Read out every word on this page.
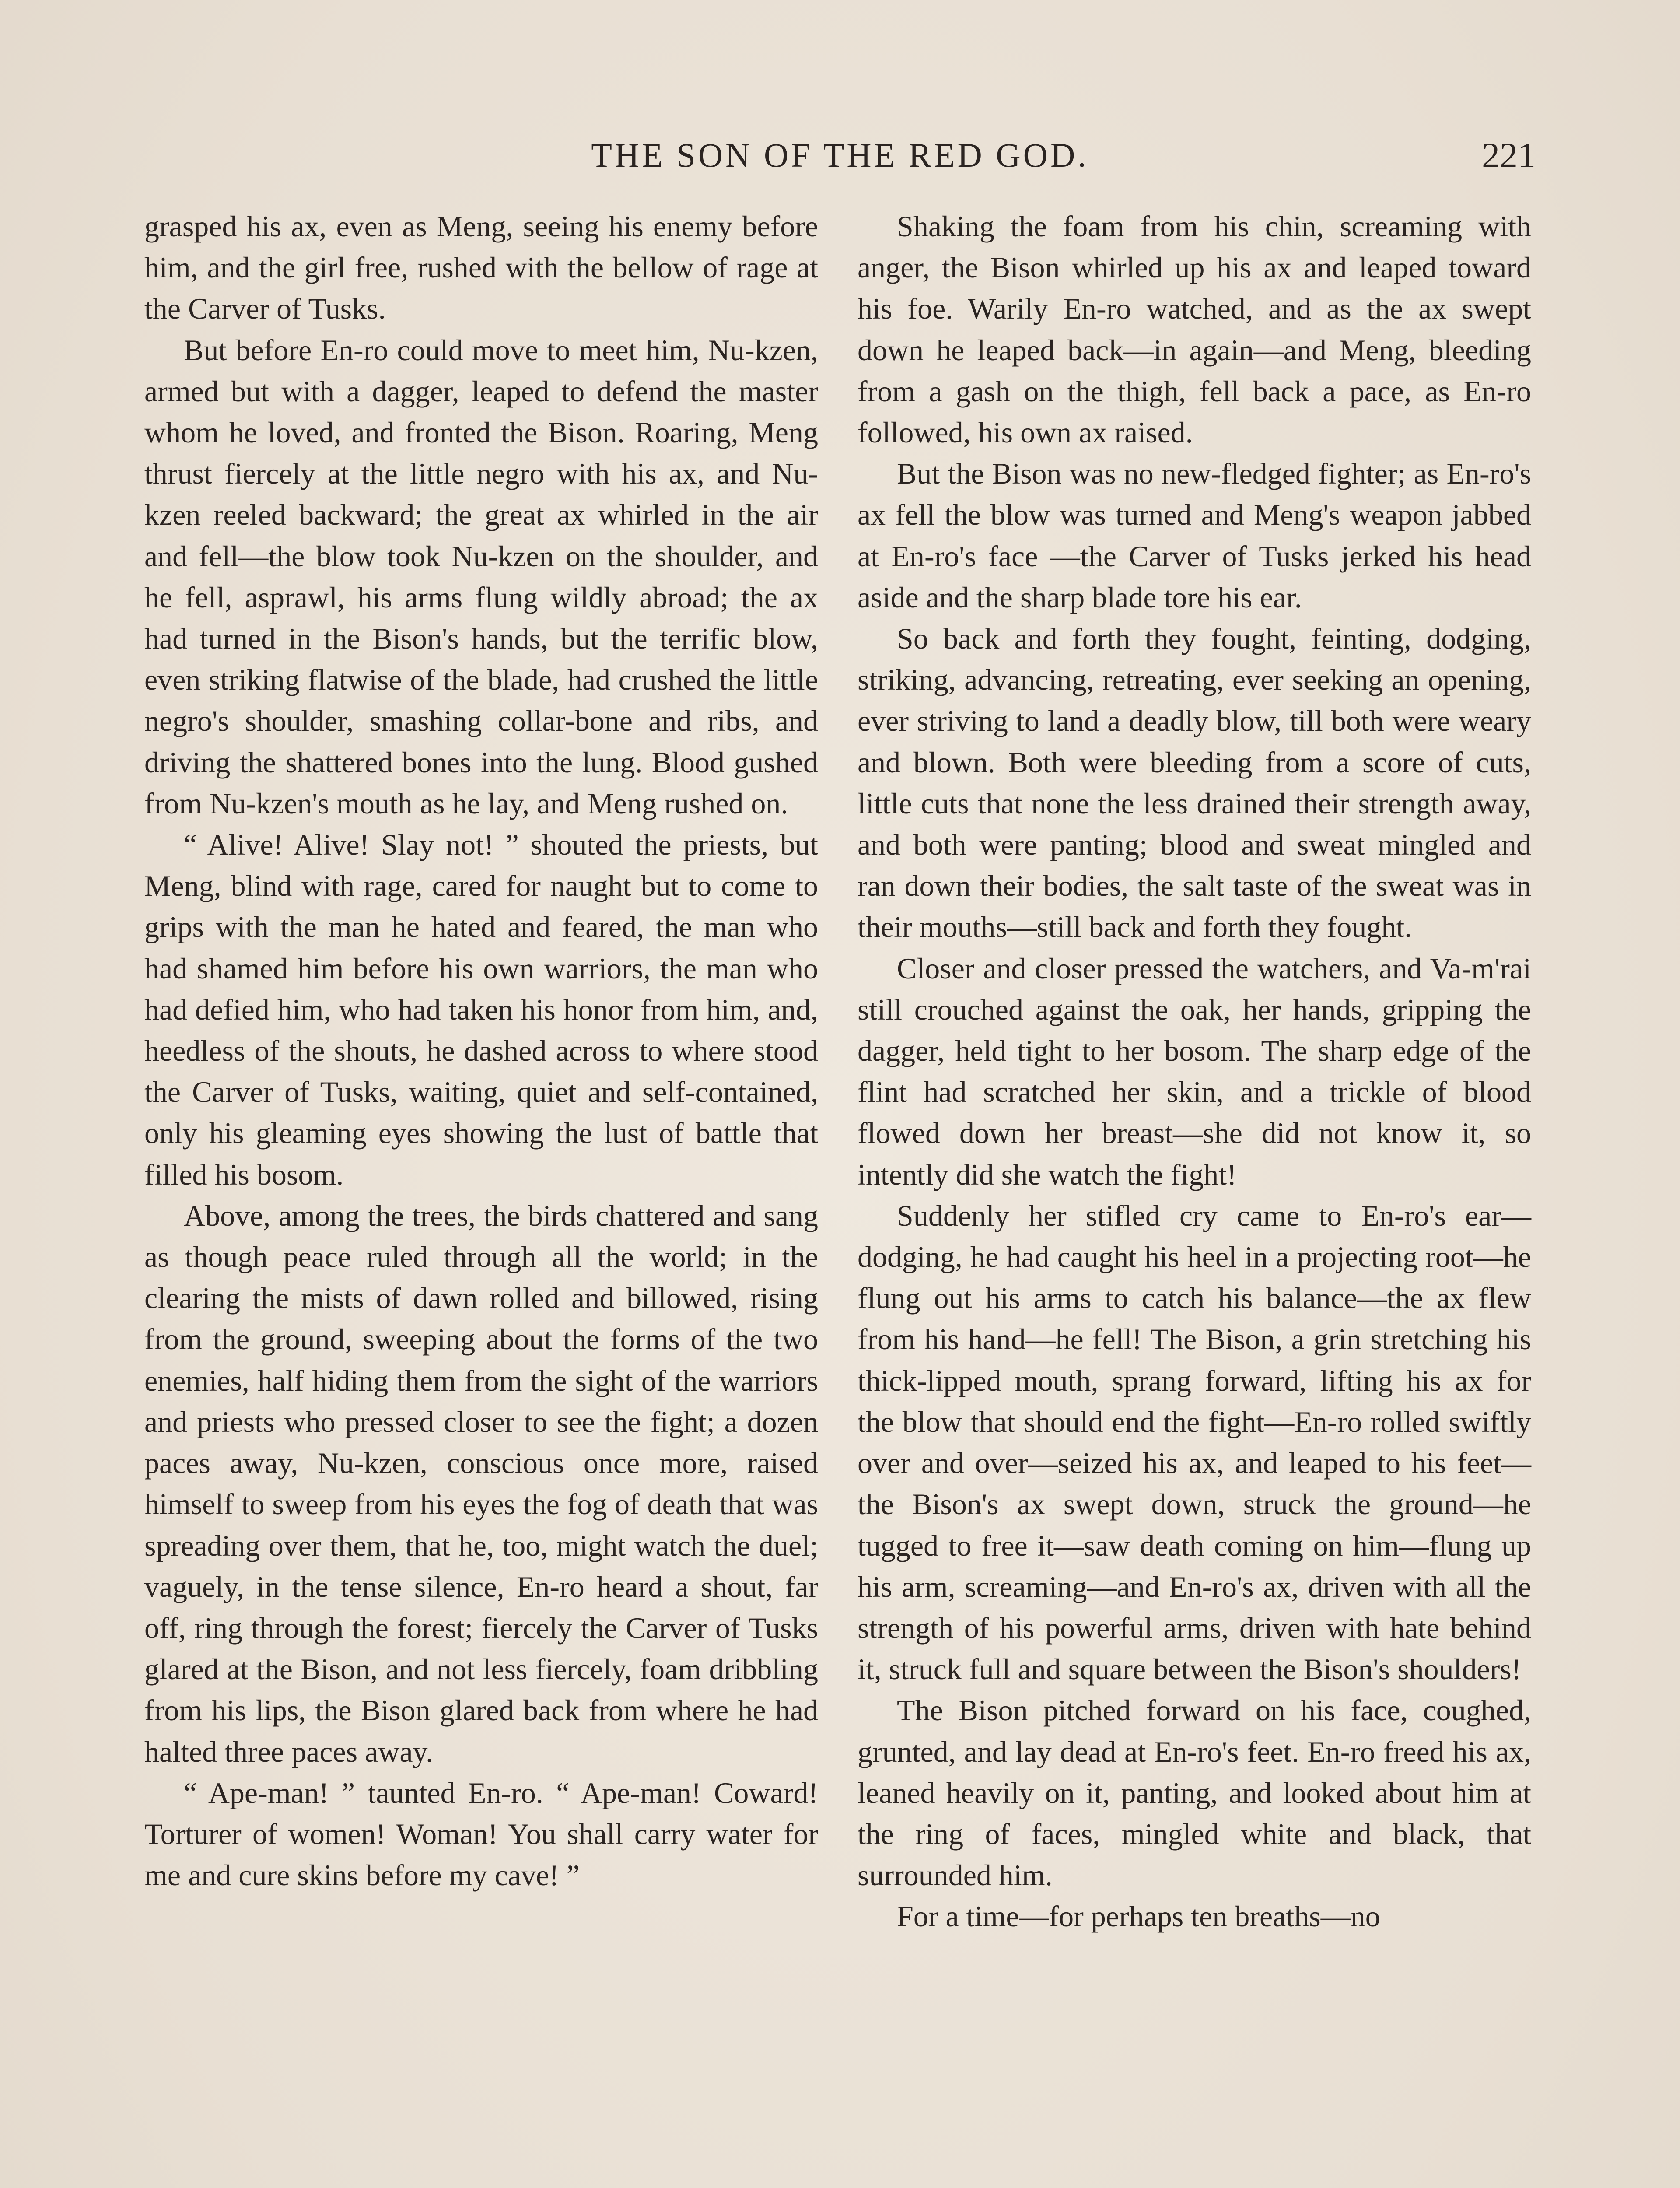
THE SON OF THE RED GOD.	221

grasped his ax, even as Meng, seeing his enemy before him, and the girl free, rushed with the bellow of rage at the Carver of Tusks.

But before En-ro could move to meet him, Nu-kzen, armed but with a dagger, leaped to defend the master whom he loved, and fronted the Bison. Roaring, Meng thrust fiercely at the little negro with his ax, and Nu-kzen reeled backward; the great ax whirled in the air and fell—the blow took Nu-kzen on the shoulder, and he fell, asprawl, his arms flung wildly abroad; the ax had turned in the Bison's hands, but the terrific blow, even striking flatwise of the blade, had crushed the little negro's shoulder, smashing collar-bone and ribs, and driving the shattered bones into the lung. Blood gushed from Nu-kzen's mouth as he lay, and Meng rushed on.

“ Alive! Alive! Slay not! ” shouted the priests, but Meng, blind with rage, cared for naught but to come to grips with the man he hated and feared, the man who had shamed him before his own warriors, the man who had defied him, who had taken his honor from him, and, heedless of the shouts, he dashed across to where stood the Carver of Tusks, waiting, quiet and self-contained, only his gleaming eyes showing the lust of battle that filled his bosom.

Above, among the trees, the birds chattered and sang as though peace ruled through all the world; in the clearing the mists of dawn rolled and billowed, rising from the ground, sweeping about the forms of the two enemies, half hiding them from the sight of the warriors and priests who pressed closer to see the fight; a dozen paces away, Nu-kzen, conscious once more, raised himself to sweep from his eyes the fog of death that was spreading over them, that he, too, might watch the duel; vaguely, in the tense silence, En-ro heard a shout, far off, ring through the forest; fiercely the Carver of Tusks glared at the Bison, and not less fiercely, foam dribbling from his lips, the Bison glared back from where he had halted three paces away.

“ Ape-man! ” taunted En-ro. “ Ape-man! Coward! Torturer of women! Woman! You shall carry water for me and cure skins before my cave! ”

Shaking the foam from his chin, screaming with anger, the Bison whirled up his ax and leaped toward his foe. Warily En-ro watched, and as the ax swept down he leaped back—in again—and Meng, bleeding from a gash on the thigh, fell back a pace, as En-ro followed, his own ax raised.

But the Bison was no new-fledged fighter; as En-ro's ax fell the blow was turned and Meng's weapon jabbed at En-ro's face —the Carver of Tusks jerked his head aside and the sharp blade tore his ear.

So back and forth they fought, feinting, dodging, striking, advancing, retreating, ever seeking an opening, ever striving to land a deadly blow, till both were weary and blown. Both were bleeding from a score of cuts, little cuts that none the less drained their strength away, and both were panting; blood and sweat mingled and ran down their bodies, the salt taste of the sweat was in their mouths—still back and forth they fought.

Closer and closer pressed the watchers, and Va-m'rai still crouched against the oak, her hands, gripping the dagger, held tight to her bosom. The sharp edge of the flint had scratched her skin, and a trickle of blood flowed down her breast—she did not know it, so intently did she watch the fight!

Suddenly her stifled cry came to En-ro's ear—dodging, he had caught his heel in a projecting root—he flung out his arms to catch his balance—the ax flew from his hand—he fell! The Bison, a grin stretching his thick-lipped mouth, sprang forward, lifting his ax for the blow that should end the fight—En-ro rolled swiftly over and over—seized his ax, and leaped to his feet—the Bison's ax swept down, struck the ground—he tugged to free it—saw death coming on him—flung up his arm, screaming—and En-ro's ax, driven with all the strength of his powerful arms, driven with hate behind it, struck full and square between the Bison's shoulders!

The Bison pitched forward on his face, coughed, grunted, and lay dead at En-ro's feet. En-ro freed his ax, leaned heavily on it, panting, and looked about him at the ring of faces, mingled white and black, that surrounded him.

For a time—for perhaps ten breaths—no
